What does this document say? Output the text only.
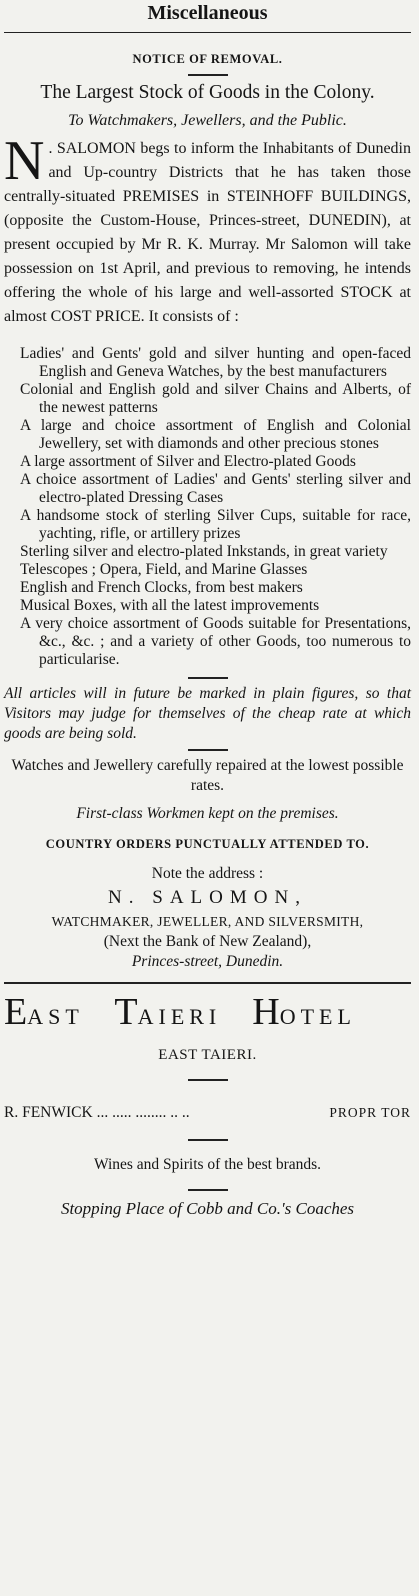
Miscellaneous
NOTICE OF REMOVAL.
The Largest Stock of Goods in the Colony.
To Watchmakers, Jewellers, and the Public.
N . SALOMON begs to inform the Inhabitants of Dunedin and Up-country Districts that he has taken those centrally-situated PREMISES in STEINHOFF BUILDINGS, (opposite the Custom-House, Princes-street, DUNEDIN), at present occupied by Mr R. K. Murray. Mr Salomon will take possession on 1st April, and previous to removing, he intends offering the whole of his large and well-assorted STOCK at almost COST PRICE. It consists of :
Ladies' and Gents' gold and silver hunting and open-faced English and Geneva Watches, by the best manufacturers
Colonial and English gold and silver Chains and Alberts, of the newest patterns
A large and choice assortment of English and Colonial Jewellery, set with diamonds and other precious stones
A large assortment of Silver and Electro-plated Goods
A choice assortment of Ladies' and Gents' sterling silver and electro-plated Dressing Cases
A handsome stock of sterling Silver Cups, suitable for race, yachting, rifle, or artillery prizes
Sterling silver and electro-plated Inkstands, in great variety
Telescopes ; Opera, Field, and Marine Glasses
English and French Clocks, from best makers
Musical Boxes, with all the latest improvements
A very choice assortment of Goods suitable for Presentations, &c., &c. ; and a variety of other Goods, too numerous to particularise.
All articles will in future be marked in plain figures, so that Visitors may judge for themselves of the cheap rate at which goods are being sold.
Watches and Jewellery carefully repaired at the lowest possible rates.
First-class Workmen kept on the premises.
COUNTRY ORDERS PUNCTUALLY ATTENDED TO.
Note the address :
N. SALOMON,
WATCHMAKER, JEWELLER, AND SILVERSMITH,
(Next the Bank of New Zealand),
Princes-street, Dunedin.
EAST TAIERI HOTEL
EAST TAIERI.
R. FENWICK ... ..... ........ .. ..	PROPR TOR
Wines and Spirits of the best brands.
Stopping Place of Cobb and Co.'s Coaches
